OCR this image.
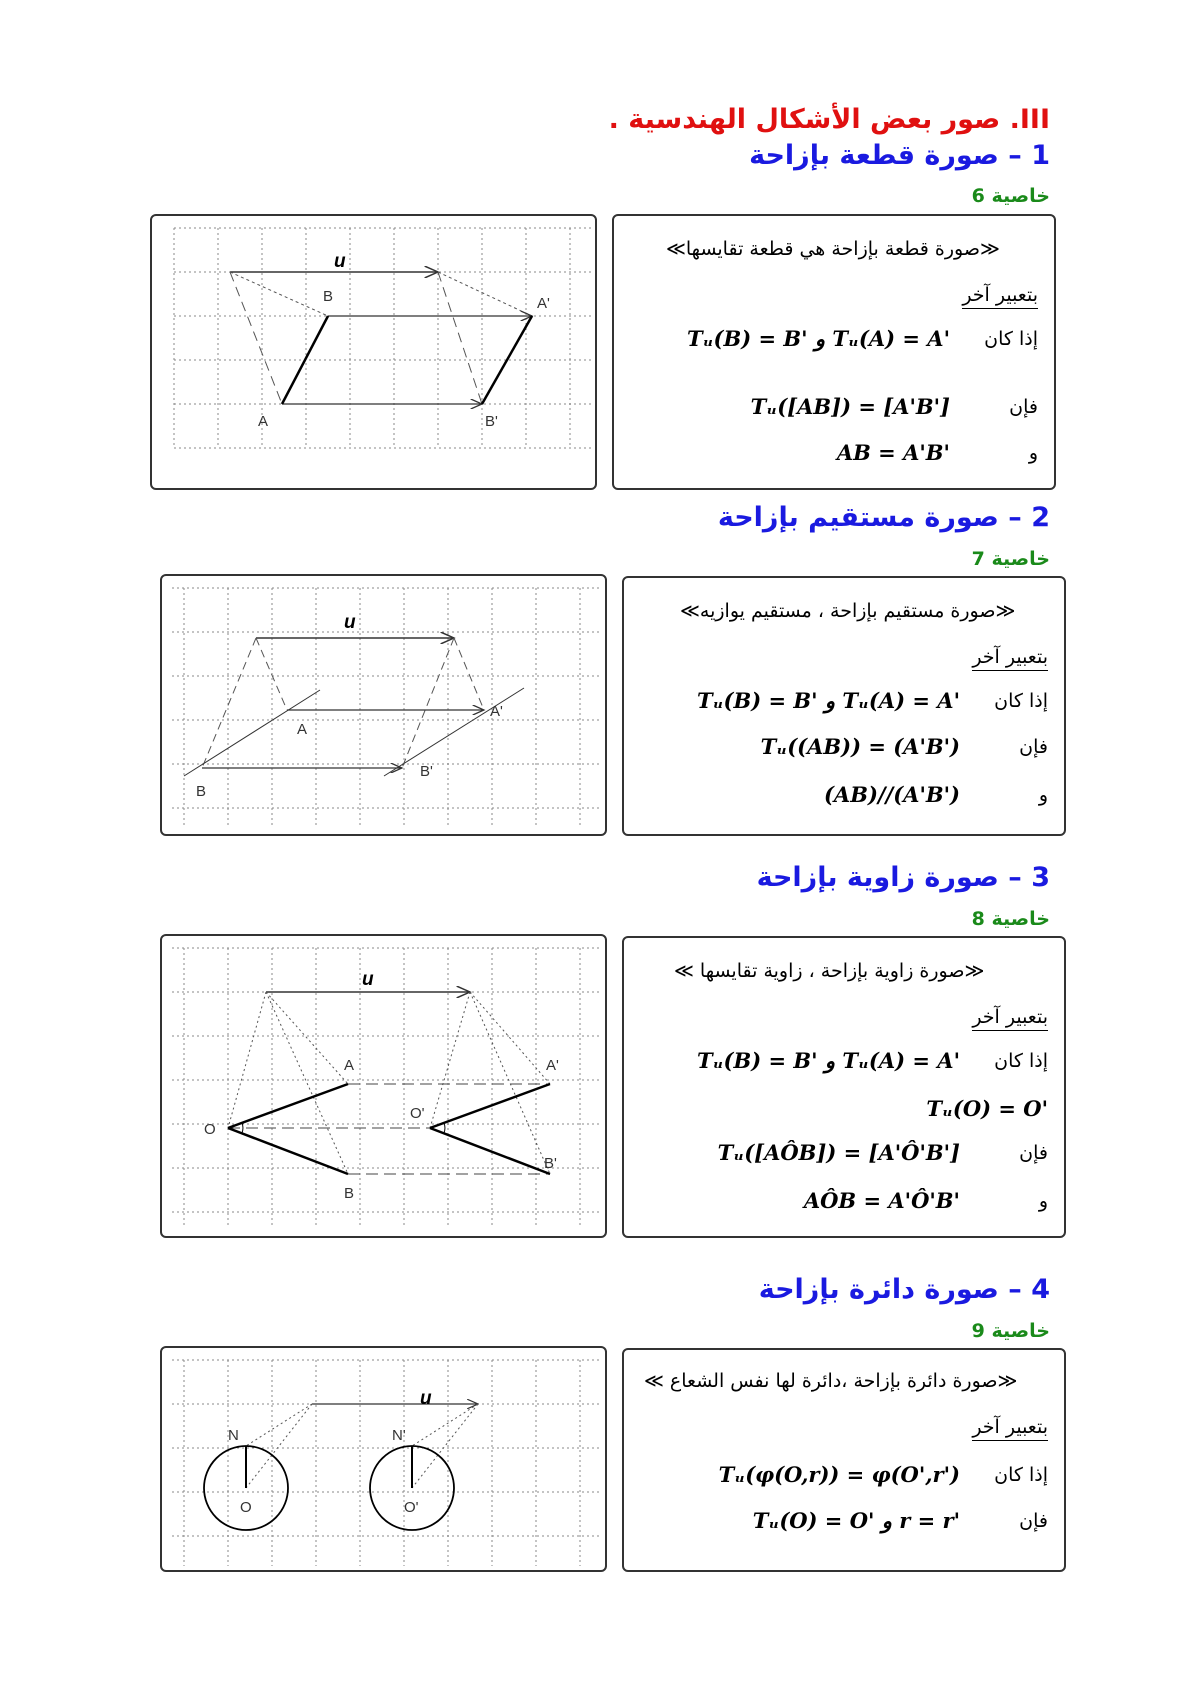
III. صور بعض الأشكال الهندسية .
1 – صورة قطعة بإزاحة
خاصية 6
u
B	A'
A	B'
≪صورة قطعة بإزاحة هي قطعة تقايسها≫
بتعبير آخر
إذا كان
Tᵤ(B) = B' و Tᵤ(A) = A'
فإن
Tᵤ([AB]) = [A'B']
و
AB = A'B'
2 – صورة مستقيم بإزاحة
خاصية 7
u
A
A'
B
B'
≪صورة مستقيم بإزاحة ، مستقيم يوازيه≫
بتعبير آخر
إذا كان
Tᵤ(B) = B' و Tᵤ(A) = A'
فإن
Tᵤ((AB)) = (A'B')
و
(AB)//(A'B')
3 – صورة زاوية بإزاحة
خاصية 8
u
A	A'
O
O'
B
B'
≪صورة زاوية بإزاحة ، زاوية تقايسها ≫
بتعبير آخر
إذا كان
Tᵤ(B) = B' و Tᵤ(A) = A'
Tᵤ(O) = O'
فإن
Tᵤ([AÔB]) = [A'Ô'B']
و
AÔB = A'Ô'B'
4 – صورة دائرة بإزاحة
خاصية 9
u
N	N'
O	O'
≪صورة دائرة بإزاحة ،دائرة لها نفس الشعاع ≫
بتعبير آخر
إذا كان
Tᵤ(φ(O,r)) = φ(O',r')
فإن
Tᵤ(O) = O' و r = r'
